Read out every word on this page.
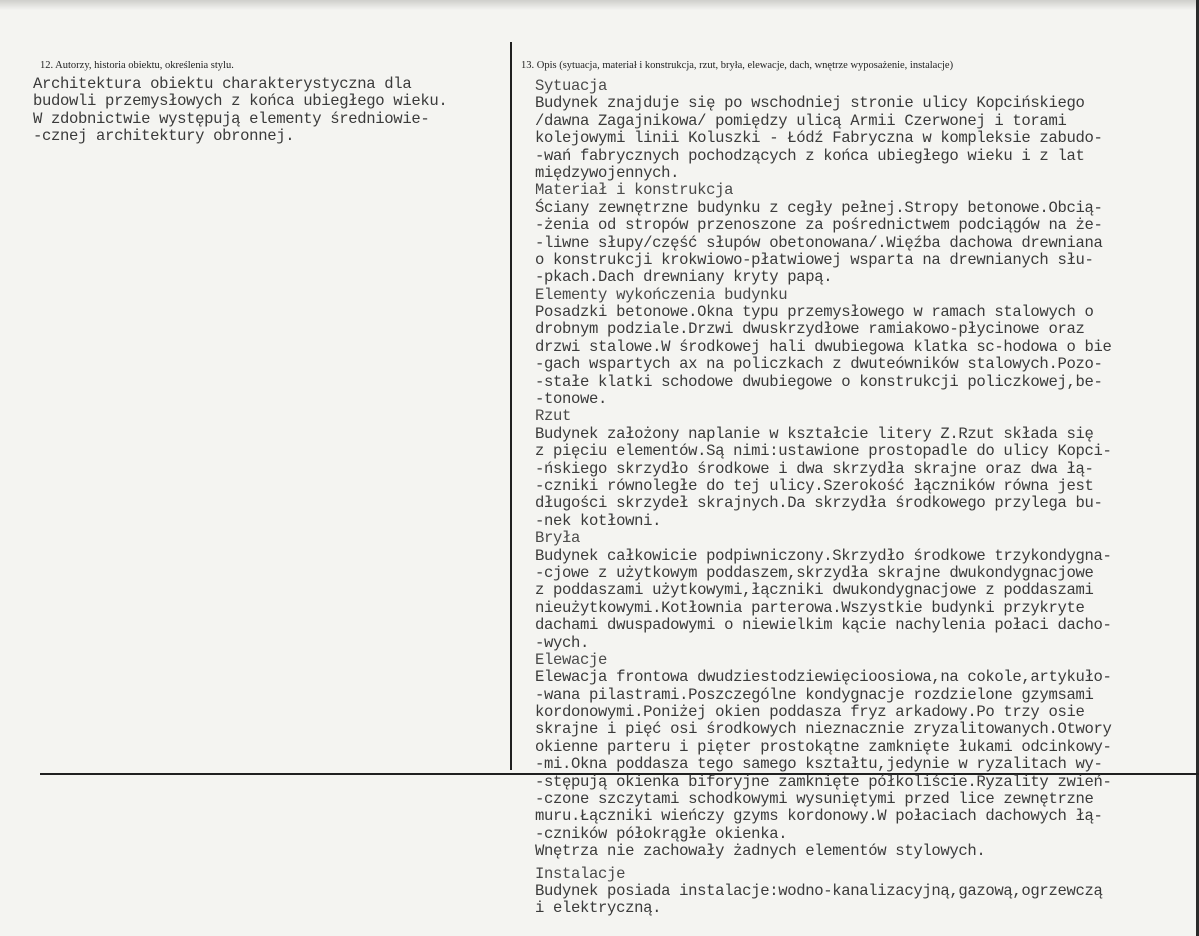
12. Autorzy, historia obiektu, określenia stylu.	13. Opis (sytuacja, materiał i konstrukcja, rzut, bryła, elewacje, dach, wnętrze wyposażenie, instalacje)
Architektura obiektu charakterystyczna dla
budowli przemysłowych z końca ubiegłego wieku.
W zdobnictwie występują elementy średniowie-
-cznej architektury obronnej.
Sytuacja
Budynek znajduje się po wschodniej stronie ulicy Kopcińskiego
/dawna Zagajnikowa/ pomiędzy ulicą Armii Czerwonej i torami
kolejowymi linii Koluszki - Łódź Fabryczna w kompleksie zabudo-
-wań fabrycznych pochodzących z końca ubiegłego wieku i z lat
międzywojennych.
Materiał i konstrukcja
Ściany zewnętrzne budynku z cegły pełnej.Stropy betonowe.Obcią-
-żenia od stropów przenoszone za pośrednictwem podciągów na że-
-liwne słupy/część słupów obetonowana/.Więźba dachowa drewniana
o konstrukcji krokwiowo-płatwiowej wsparta na drewnianych słu-
-pkach.Dach drewniany kryty papą.
Elementy wykończenia budynku
Posadzki betonowe.Okna typu przemysłowego w ramach stalowych o
drobnym podziale.Drzwi dwuskrzydłowe ramiakowo-płycinowe oraz
drzwi stalowe.W środkowej hali dwubiegowa klatka sc-hodowa o bie
-gach wspartych ax na policzkach z dwuteówników stalowych.Pozo-
-stałe klatki schodowe dwubiegowe o konstrukcji policzkowej,be-
-tonowe.
Rzut
Budynek założony naplanie w kształcie litery Z.Rzut składa się
z pięciu elementów.Są nimi:ustawione prostopadle do ulicy Kopci-
-ńskiego skrzydło środkowe i dwa skrzydła skrajne oraz dwa łą-
-czniki równoległe do tej ulicy.Szerokość łączników równa jest
długości skrzydeł skrajnych.Da skrzydła środkowego przylega bu-
-nek kotłowni.
Bryła
Budynek całkowicie podpiwniczony.Skrzydło środkowe trzykondygna-
-cjowe z użytkowym poddaszem,skrzydła skrajne dwukondygnacjowe
z poddaszami użytkowymi,łączniki dwukondygnacjowe z poddaszami
nieużytkowymi.Kotłownia parterowa.Wszystkie budynki przykryte
dachami dwuspadowymi o niewielkim kącie nachylenia połaci dacho-
-wych.
Elewacje
Elewacja frontowa dwudziestodziewięcioosiowa,na cokole,artykuło-
-wana pilastrami.Poszczególne kondygnacje rozdzielone gzymsami
kordonowymi.Poniżej okien poddasza fryz arkadowy.Po trzy osie
skrajne i pięć osi środkowych nieznacznie zryzalitowanych.Otwory
okienne parteru i pięter prostokątne zamknięte łukami odcinkowy-
-mi.Okna poddasza tego samego kształtu,jedynie w ryzalitach wy-
-stępują okienka biforyjne zamknięte półkoliście.Ryzality zwień-
-czone szczytami schodkowymi wysuniętymi przed lice zewnętrzne
muru.Łączniki wieńczy gzyms kordonowy.W połaciach dachowych łą-
-czników półokrągłe okienka.
Wnętrza nie zachowały żadnych elementów stylowych.
Instalacje
Budynek posiada instalacje:wodno-kanalizacyjną,gazową,ogrzewczą
i elektryczną.
